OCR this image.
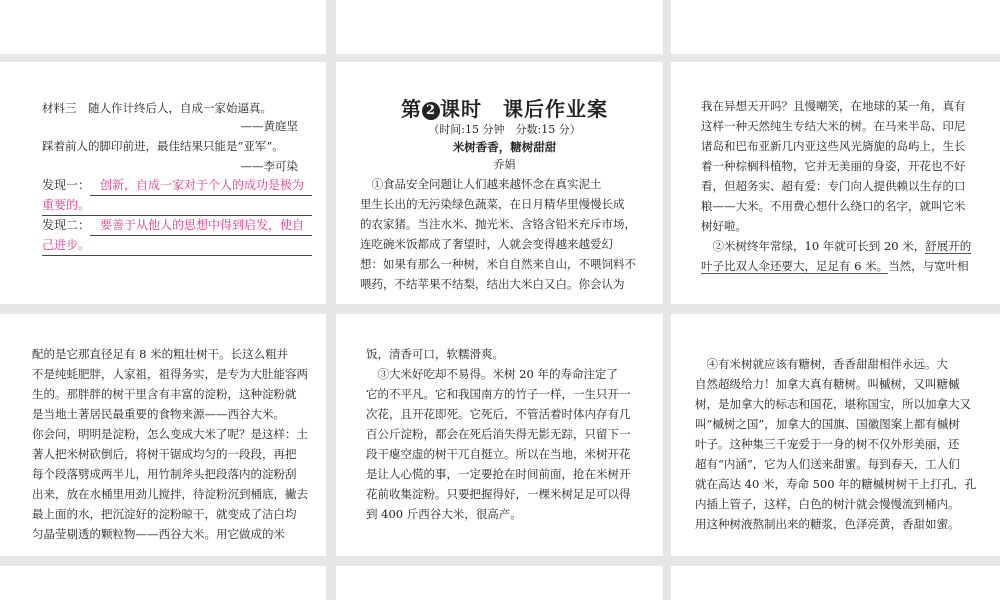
材料三　随人作计终后人，自成一家始逼真。

——黄庭坚

踩着前人的脚印前进，最佳结果只能是“亚军”。

——李可染

发现一： 创新，自成一家对于个人的成功是极为
重要的。
发现二： 要善于从他人的思想中得到启发，使自
己进步。

第 2 课时　课后作业案

（时间:15 分钟　分数:15 分）

米树香香，糖树甜甜

乔娟

①食品安全问题让人们越来越怀念在真实泥土

里生长出的无污染绿色蔬菜，在日月精华里慢慢长成

的农家猪。当注水米、抛光米、含铬含铅米充斥市场，

连吃碗米饭都成了奢望时，人就会变得越来越爱幻

想：如果有那么一种树，米自自然来自山，不喂饲料不

喂药，不结苹果不结梨，结出大米白又白。你会认为

我在异想天开吗？且慢嘲笑，在地球的某一角，真有

这样一种天然纯生专结大米的树。在马来半岛、印尼

诸岛和巴布亚新几内亚这些风光旖旎的岛屿上，生长

着一种棕榈科植物，它并无美丽的身姿，开花也不好

看，但超务实、超有爱：专门向人提供赖以生存的口

粮——大米。不用费心想什么绕口的名字，就叫它米

树好啦。

②米树终年常绿，10 年就可长到 20 米，舒展开的

叶子比双人伞还要大，足足有 6 米。当然，与宽叶相

配的是它那直径足有 8 米的粗壮树干。长这么粗并

不是纯蚝肥胖，人家祖，祖得务实，是专为大肚能容两

生的。那胖胖的树干里含有丰富的淀粉，这种淀粉就

是当地土著居民最重要的食物来源——西谷大米。

你会问，明明是淀粉，怎么变成大米了呢？是这样：土

著人把米树砍倒后，将树干锯成均匀的一段段，再把

每个段落劈成两半儿，用竹制斧头把段落内的淀粉刮

出来，放在水桶里用劲儿搅拌，待淀粉沉到桶底，撇去

最上面的水，把沉淀好的淀粉晾干，就变成了洁白均

匀晶莹剔透的颗粒物——西谷大米。用它做成的米

饭，清香可口，软糯滑爽。

③大米好吃却不易得。米树 20 年的寿命注定了

它的不平凡。它和我国南方的竹子一样，一生只开一

次花，且开花即死。它死后，不管活着时体内存有几

百公斤淀粉，都会在死后消失得无影无踪，只留下一

段干瘪空虚的树干兀自挺立。所以在当地，米树开花

是让人心慌的事，一定要抢在时间前面，抢在米树开

花前收集淀粉。只要把握得好，一棵米树足足可以得

到 400 斤西谷大米，很高产。

④有米树就应该有糖树，香香甜甜相伴永远。大

自然超级给力！加拿大真有糖树。叫槭树，又叫糖槭

树，是加拿大的标志和国花，堪称国宝，所以加拿大又

叫“槭树之国”，加拿大的国旗、国徽图案上都有槭树

叶子。这种集三千宠爱于一身的树不仅外形美丽，还

超有“内涵”，它为人们送来甜蜜。每到春天，工人们

就在高达 40 米，寿命 500 年的糖槭树树干上打孔，孔

内插上管子，这样，白色的树汁就会慢慢流到桶内。

用这种树液熬制出来的糖浆，色泽亮黄，香甜如蜜。
